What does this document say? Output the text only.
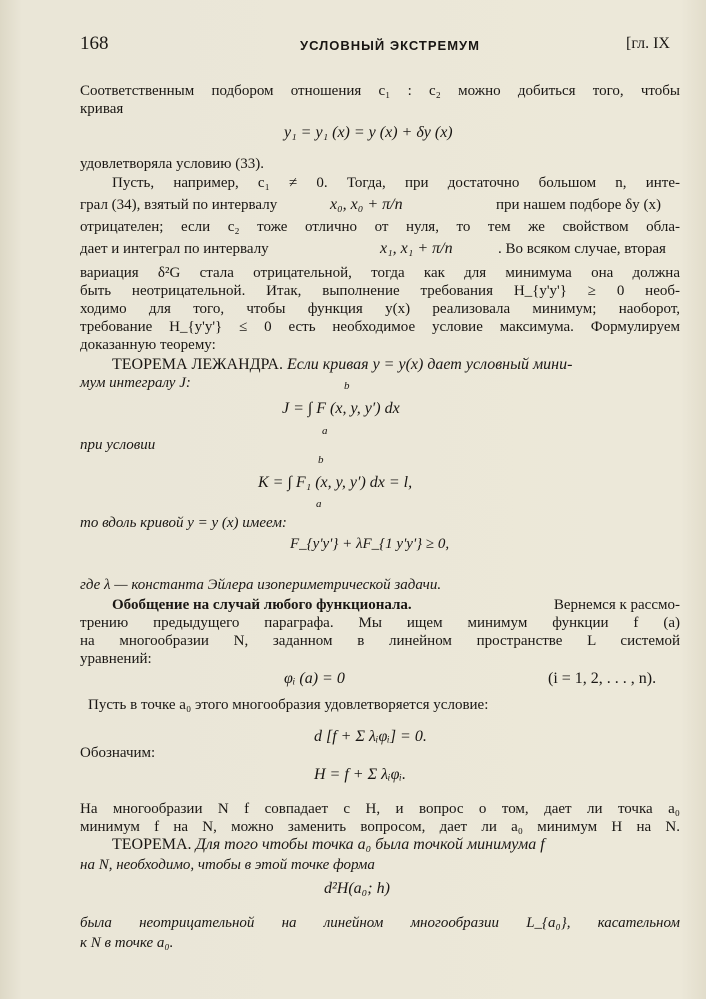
168	УСЛОВНЫЙ ЭКСТРЕМУМ	[гл. IX
Соответственным подбором отношения c₁ : c₂ можно добиться того, чтобы
кривая
y₁ = y₁ (x) = y (x) + δy (x)
удовлетворяла условию (33).
Пусть, например, c₁ ≠ 0. Тогда, при достаточно большом n, инте-
грал (34), взятый по интервалу	x₀, x₀ + π/n	при нашем подборе δy (x)
отрицателен; если c₂ тоже отлично от нуля, то тем же свойством обла-
дает и интеграл по интервалу	x₁, x₁ + π/n	. Во всяком случае, вторая
вариация δ²G стала отрицательной, тогда как для минимума она должна
быть неотрицательной. Итак, выполнение требования H_{y'y'} ≥ 0 необ-
ходимо для того, чтобы функция y(x) реализовала минимум; наоборот,
требование H_{y'y'} ≤ 0 есть необходимое условие максимума. Формулируем
доказанную теорему:
ТЕОРЕМА ЛЕЖАНДРА. Если кривая y = y(x) дает условный мини-
мум интегралу J:	b
J = ∫ F (x, y, y′) dx
a
при условии
b
K = ∫ F₁ (x, y, y′) dx = l,
a
то вдоль кривой y = y (x) имеем:
F_{y'y'} + λF_{1 y'y'} ≥ 0,
где λ — константа Эйлера изопериметрической задачи.
Обобщение на случай любого функционала.	Вернемся к рассмо-
трению предыдущего параграфа. Мы ищем минимум функции f (a)
на многообразии N, заданном в линейном пространстве L системой
уравнений:
φᵢ (a) = 0	(i = 1, 2, . . . , n).
Пусть в точке a₀ этого многообразия удовлетворяется условие:
d [f + Σ λᵢφᵢ] = 0.
Обозначим:
H = f + Σ λᵢφᵢ.
На многообразии N f совпадает с H, и вопрос о том, дает ли точка a₀
минимум f на N, можно заменить вопросом, дает ли a₀ минимум H на N.
ТЕОРЕМА. Для того чтобы точка a₀ была точкой минимума f
на N, необходимо, чтобы в этой точке форма
d²H(a₀; h)
была неотрицательной на линейном многообразии L_{a₀}, касательном
к N в точке a₀.
